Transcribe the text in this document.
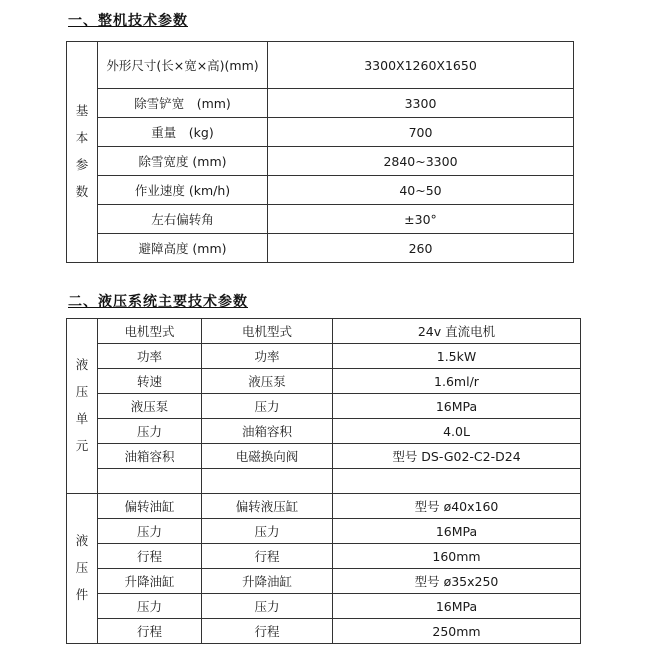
一、整机技术参数
基本参数	外形尺寸(长×宽×高)(mm)	3300X1260X1650
	除雪铲宽　(mm)	3300
	重量　(kg)	700
	除雪宽度 (mm)	2840~3300
	作业速度 (km/h)	40~50
	左右偏转角	±30°
	避障高度 (mm)	260
二、液压系统主要技术参数
液压单元	电机型式	电机型式	24v 直流电机
	功率	功率	1.5kW
	转速	液压泵	1.6ml/r
	液压泵	压力	16MPa
	压力	油箱容积	4.0L
	油箱容积	电磁换向阀	型号 DS-G02-C2-D24

液压件	偏转油缸	偏转液压缸	型号 ø40x160
	压力	压力	16MPa
	行程	行程	160mm
	升降油缸	升降油缸	型号 ø35x250
	压力	压力	16MPa
	行程	行程	250mm
